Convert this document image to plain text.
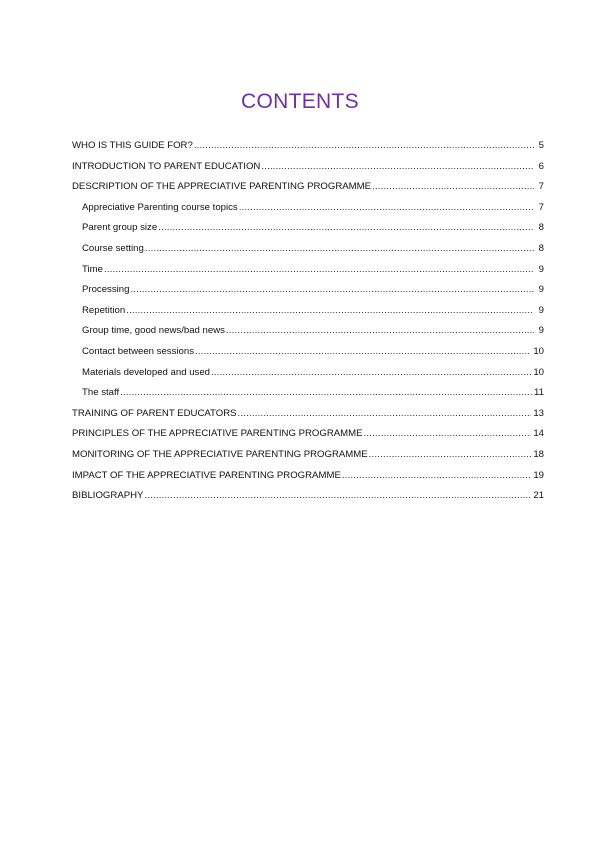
CONTENTS
WHO IS THIS GUIDE FOR? .....	5
INTRODUCTION TO PARENT EDUCATION .....	6
DESCRIPTION OF THE APPRECIATIVE PARENTING PROGRAMME .....	7
Appreciative Parenting course topics .....	7
Parent group size .....	8
Course setting .....	8
Time .....	9
Processing .....	9
Repetition .....	9
Group time, good news/bad news .....	9
Contact between sessions .....	10
Materials developed and used .....	10
The staff .....	11
TRAINING OF PARENT EDUCATORS .....	13
PRINCIPLES OF THE APPRECIATIVE PARENTING PROGRAMME .....	14
MONITORING OF THE APPRECIATIVE PARENTING PROGRAMME .....	18
IMPACT OF THE APPRECIATIVE PARENTING PROGRAMME .....	19
BIBLIOGRAPHY .....	21
